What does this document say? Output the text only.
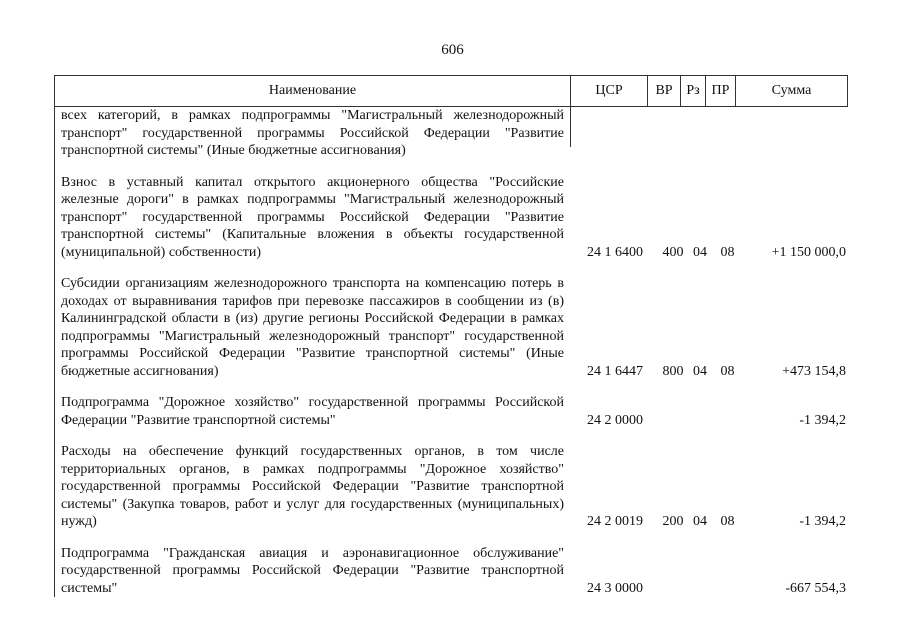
606
Наименование	ЦСР	ВР Рз ПР	Сумма
всех категорий, в рамках подпрограммы "Магистральный железнодорожный транспорт" государственной программы Российской Федерации "Развитие транспортной системы" (Иные бюджетные ассигнования)
Взнос в уставный капитал открытого акционерного общества "Российские железные дороги" в рамках подпрограммы "Магистральный железнодорожный транспорт" государственной программы Российской Федерации "Развитие транспортной системы" (Капитальные вложения в объекты государственной (муниципальной) собственности)	24 1 6400	400 04 08	+1 150 000,0
Субсидии организациям железнодорожного транспорта на компенсацию потерь в доходах от выравнивания тарифов при перевозке пассажиров в сообщении из (в) Калининградской области в (из) другие регионы Российской Федерации в рамках подпрограммы "Магистральный железнодорожный транспорт" государственной программы Российской Федерации "Развитие транспортной системы" (Иные бюджетные ассигнования)	24 1 6447	800 04 08	+473 154,8
Подпрограмма "Дорожное хозяйство" государственной программы Российской Федерации "Развитие транспортной системы"	24 2 0000	-1 394,2
Расходы на обеспечение функций государственных органов, в том числе территориальных органов, в рамках подпрограммы "Дорожное хозяйство" государственной программы Российской Федерации "Развитие транспортной системы" (Закупка товаров, работ и услуг для государственных (муниципальных) нужд)	24 2 0019	200 04 08	-1 394,2
Подпрограмма "Гражданская авиация и аэронавигационное обслуживание" государственной программы Российской Федерации "Развитие транспортной системы"	24 3 0000	-667 554,3
